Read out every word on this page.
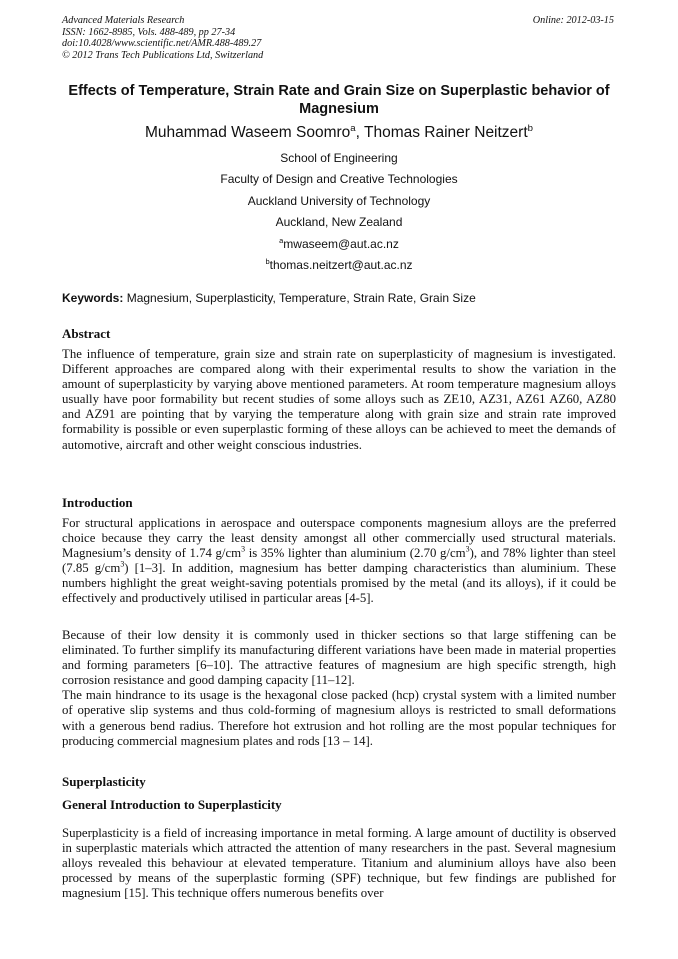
Advanced Materials Research
ISSN: 1662-8985, Vols. 488-489, pp 27-34
doi:10.4028/www.scientific.net/AMR.488-489.27
© 2012 Trans Tech Publications Ltd, Switzerland
Online: 2012-03-15
Effects of Temperature, Strain Rate and Grain Size on Superplastic behavior of Magnesium
Muhammad Waseem Soomro$^a$, Thomas Rainer Neitzert$^b$
School of Engineering
Faculty of Design and Creative Technologies
Auckland University of Technology
Auckland, New Zealand
$^a$mwaseem@aut.ac.nz
$^b$thomas.neitzert@aut.ac.nz
Keywords: Magnesium, Superplasticity, Temperature, Strain Rate, Grain Size
Abstract
The influence of temperature, grain size and strain rate on superplasticity of magnesium is investigated. Different approaches are compared along with their experimental results to show the variation in the amount of superplasticity by varying above mentioned parameters. At room temperature magnesium alloys usually have poor formability but recent studies of some alloys such as ZE10, AZ31, AZ61 AZ60, AZ80 and AZ91 are pointing that by varying the temperature along with grain size and strain rate improved formability is possible or even superplastic forming of these alloys can be achieved to meet the demands of automotive, aircraft and other weight conscious industries.
Introduction
For structural applications in aerospace and outerspace components magnesium alloys are the preferred choice because they carry the least density amongst all other commercially used structural materials. Magnesium’s density of 1.74 $g/cm^3$ is 35% lighter than aluminium (2.70 $g/cm^3$), and 78% lighter than steel (7.85 $g/cm^3$) [1–3]. In addition, magnesium has better damping characteristics than aluminium. These numbers highlight the great weight-saving potentials promised by the metal (and its alloys), if it could be effectively and productively utilised in particular areas [4-5].

Because of their low density it is commonly used in thicker sections so that large stiffening can be eliminated. To further simplify its manufacturing different variations have been made in material properties and forming parameters [6–10]. The attractive features of magnesium are high specific strength, high corrosion resistance and good damping capacity [11–12].

The main hindrance to its usage is the hexagonal close packed (hcp) crystal system with a limited number of operative slip systems and thus cold-forming of magnesium alloys is restricted to small deformations with a generous bend radius. Therefore hot extrusion and hot rolling are the most popular techniques for producing commercial magnesium plates and rods [13 – 14].

Superplasticity
General Introduction to Superplasticity
Superplasticity is a field of increasing importance in metal forming. A large amount of ductility is observed in superplastic materials which attracted the attention of many researchers in the past. Several magnesium alloys revealed this behaviour at elevated temperature. Titanium and aluminium alloys have also been processed by means of the superplastic forming (SPF) technique, but few findings are published for magnesium [15]. This technique offers numerous benefits over
